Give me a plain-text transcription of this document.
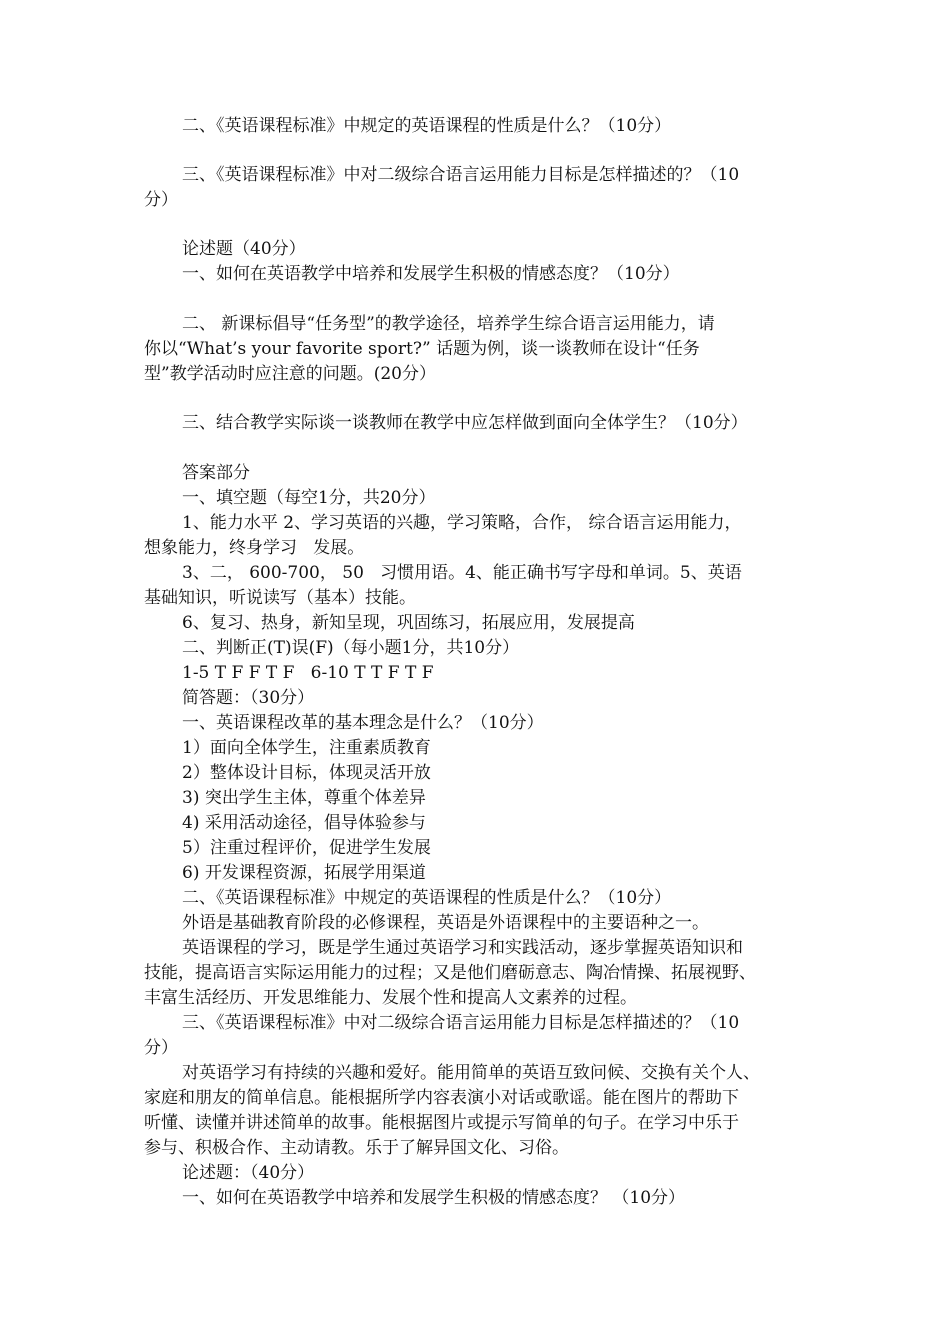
二、《英语课程标准》中规定的英语课程的性质是什么？（10分）

三、《英语课程标准》中对二级综合语言运用能力目标是怎样描述的？（10

分）

论述题（40分）

一、如何在英语教学中培养和发展学生积极的情感态度？（10分）

二、 新课标倡导“任务型”的教学途径，培养学生综合语言运用能力，请

你以“What’s your favorite sport?” 话题为例，谈一谈教师在设计“任务

型”教学活动时应注意的问题。(20分）

三、结合教学实际谈一谈教师在教学中应怎样做到面向全体学生？（10分）

答案部分

一、填空题（每空1分，共20分）

1、能力水平 2、学习英语的兴趣，学习策略，合作， 综合语言运用能力，

想象能力，终身学习   发展。

3、二， 600-700， 50   习惯用语。4、能正确书写字母和单词。5、英语

基础知识，听说读写（基本）技能。

6、复习、热身，新知呈现，巩固练习，拓展应用，发展提高

二、判断正(T)误(F)（每小题1分，共10分）

1-5 T F F T F   6-10 T T F T F

简答题：（30分）

一、英语课程改革的基本理念是什么？（10分）

1）面向全体学生，注重素质教育

2）整体设计目标，体现灵活开放

3) 突出学生主体，尊重个体差异

4) 采用活动途径，倡导体验参与

5）注重过程评价，促进学生发展

6) 开发课程资源，拓展学用渠道

二、《英语课程标准》中规定的英语课程的性质是什么？（10分）

外语是基础教育阶段的必修课程，英语是外语课程中的主要语种之一。

英语课程的学习，既是学生通过英语学习和实践活动，逐步掌握英语知识和

技能，提高语言实际运用能力的过程；又是他们磨砺意志、陶冶情操、拓展视野、

丰富生活经历、开发思维能力、发展个性和提高人文素养的过程。

三、《英语课程标准》中对二级综合语言运用能力目标是怎样描述的？（10

分）

对英语学习有持续的兴趣和爱好。能用简单的英语互致问候、交换有关个人、

家庭和朋友的简单信息。能根据所学内容表演小对话或歌谣。能在图片的帮助下

听懂、读懂并讲述简单的故事。能根据图片或提示写简单的句子。在学习中乐于

参与、积极合作、主动请教。乐于了解异国文化、习俗。

论述题：（40分）

一、如何在英语教学中培养和发展学生积极的情感态度？ （10分）
